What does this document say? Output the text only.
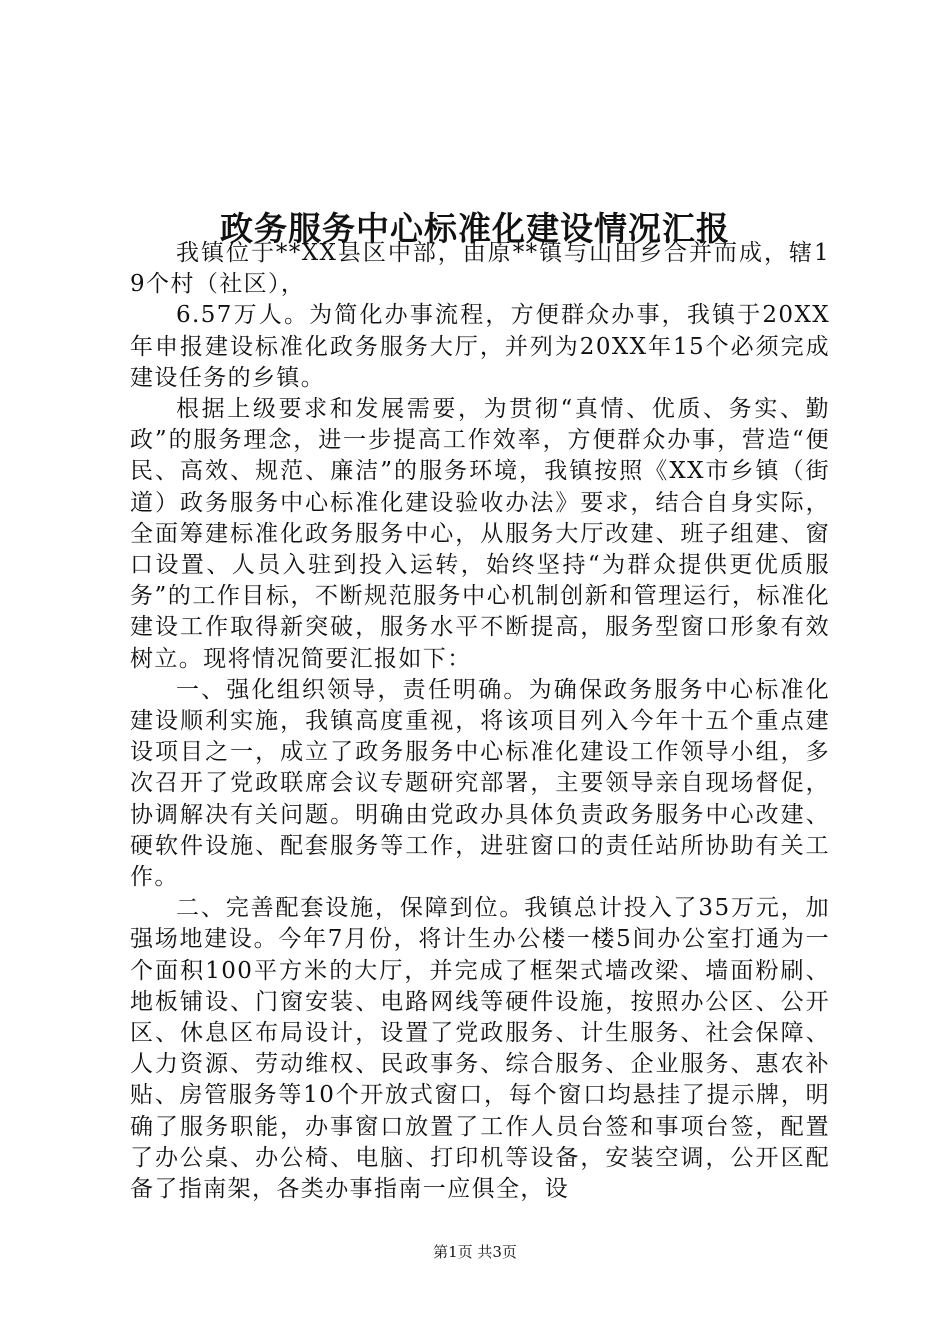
政务服务中心标准化建设情况汇报

我镇位于**XX县区中部，由原**镇与山田乡合并而成，辖19个村（社区），

6.57万人。为简化办事流程，方便群众办事，我镇于20XX年申报建设标准化政务服务大厅，并列为20XX年15个必须完成建设任务的乡镇。

根据上级要求和发展需要，为贯彻“真情、优质、务实、勤政”的服务理念，进一步提高工作效率，方便群众办事，营造“便民、高效、规范、廉洁”的服务环境，我镇按照《XX市乡镇（街道）政务服务中心标准化建设验收办法》要求，结合自身实际，全面筹建标准化政务服务中心，从服务大厅改建、班子组建、窗口设置、人员入驻到投入运转，始终坚持“为群众提供更优质服务”的工作目标，不断规范服务中心机制创新和管理运行，标准化建设工作取得新突破，服务水平不断提高，服务型窗口形象有效树立。现将情况简要汇报如下：

一、强化组织领导，责任明确。为确保政务服务中心标准化建设顺利实施，我镇高度重视，将该项目列入今年十五个重点建设项目之一，成立了政务服务中心标准化建设工作领导小组，多次召开了党政联席会议专题研究部署，主要领导亲自现场督促，协调解决有关问题。明确由党政办具体负责政务服务中心改建、硬软件设施、配套服务等工作，进驻窗口的责任站所协助有关工作。

二、完善配套设施，保障到位。我镇总计投入了35万元，加强场地建设。今年7月份，将计生办公楼一楼5间办公室打通为一个面积100平方米的大厅，并完成了框架式墙改梁、墙面粉刷、地板铺设、门窗安装、电路网线等硬件设施，按照办公区、公开区、休息区布局设计，设置了党政服务、计生服务、社会保障、人力资源、劳动维权、民政事务、综合服务、企业服务、惠农补贴、房管服务等10个开放式窗口，每个窗口均悬挂了提示牌，明确了服务职能，办事窗口放置了工作人员台签和事项台签，配置了办公桌、办公椅、电脑、打印机等设备，安装空调，公开区配备了指南架，各类办事指南一应俱全，设

第1页 共3页
